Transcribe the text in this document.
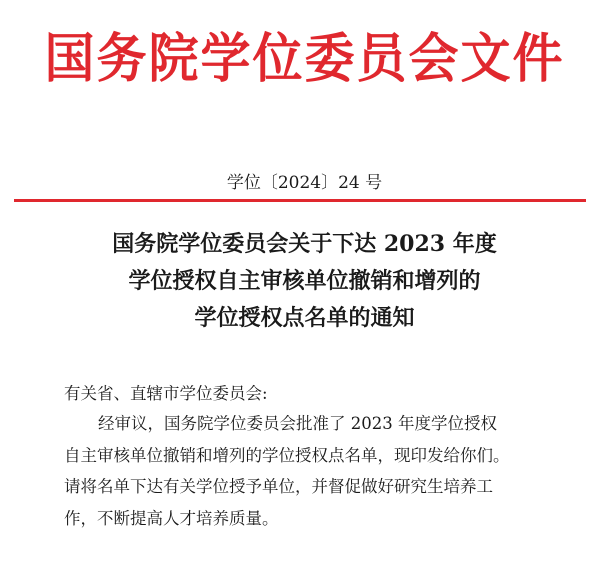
国务院学位委员会文件
学位〔2024〕24 号
国务院学位委员会关于下达 2023 年度
学位授权自主审核单位撤销和增列的
学位授权点名单的通知
有关省、直辖市学位委员会:
经审议，国务院学位委员会批准了 2023 年度学位授权
自主审核单位撤销和增列的学位授权点名单，现印发给你们。
请将名单下达有关学位授予单位，并督促做好研究生培养工
作，不断提高人才培养质量。
